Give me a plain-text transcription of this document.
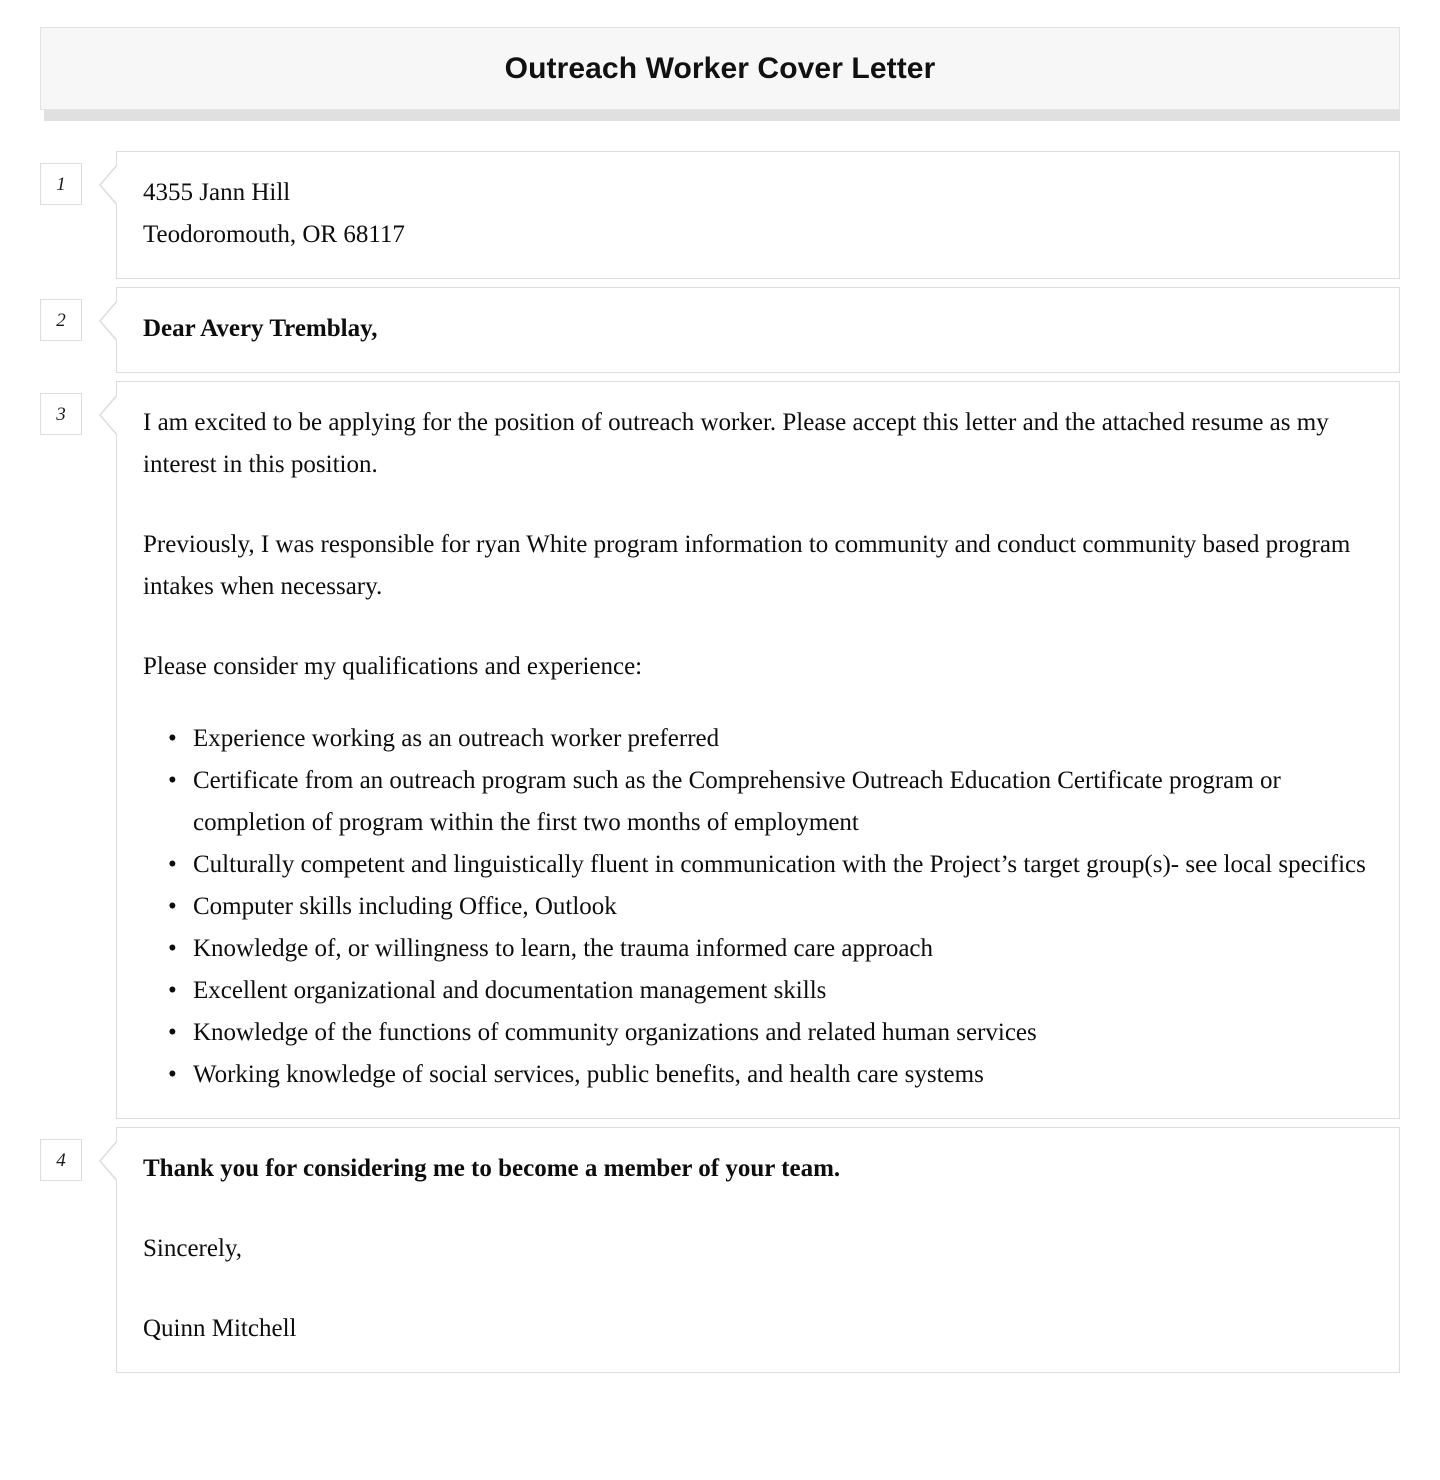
Outreach Worker Cover Letter
1	4355 Jann Hill

Teodoromouth, OR 68117

2	Dear Avery Tremblay,

3	I am excited to be applying for the position of outreach worker. Please accept this letter and the attached resume as my interest in this position.

Previously, I was responsible for ryan White program information to community and conduct community based program intakes when necessary.

Please consider my qualifications and experience:

• Experience working as an outreach worker preferred
• Certificate from an outreach program such as the Comprehensive Outreach Education Certificate program or completion of program within the first two months of employment
• Culturally competent and linguistically fluent in communication with the Project’s target group(s)- see local specifics
• Computer skills including Office, Outlook
• Knowledge of, or willingness to learn, the trauma informed care approach
• Excellent organizational and documentation management skills
• Knowledge of the functions of community organizations and related human services
• Working knowledge of social services, public benefits, and health care systems
4	Thank you for considering me to become a member of your team.

Sincerely,

Quinn Mitchell
